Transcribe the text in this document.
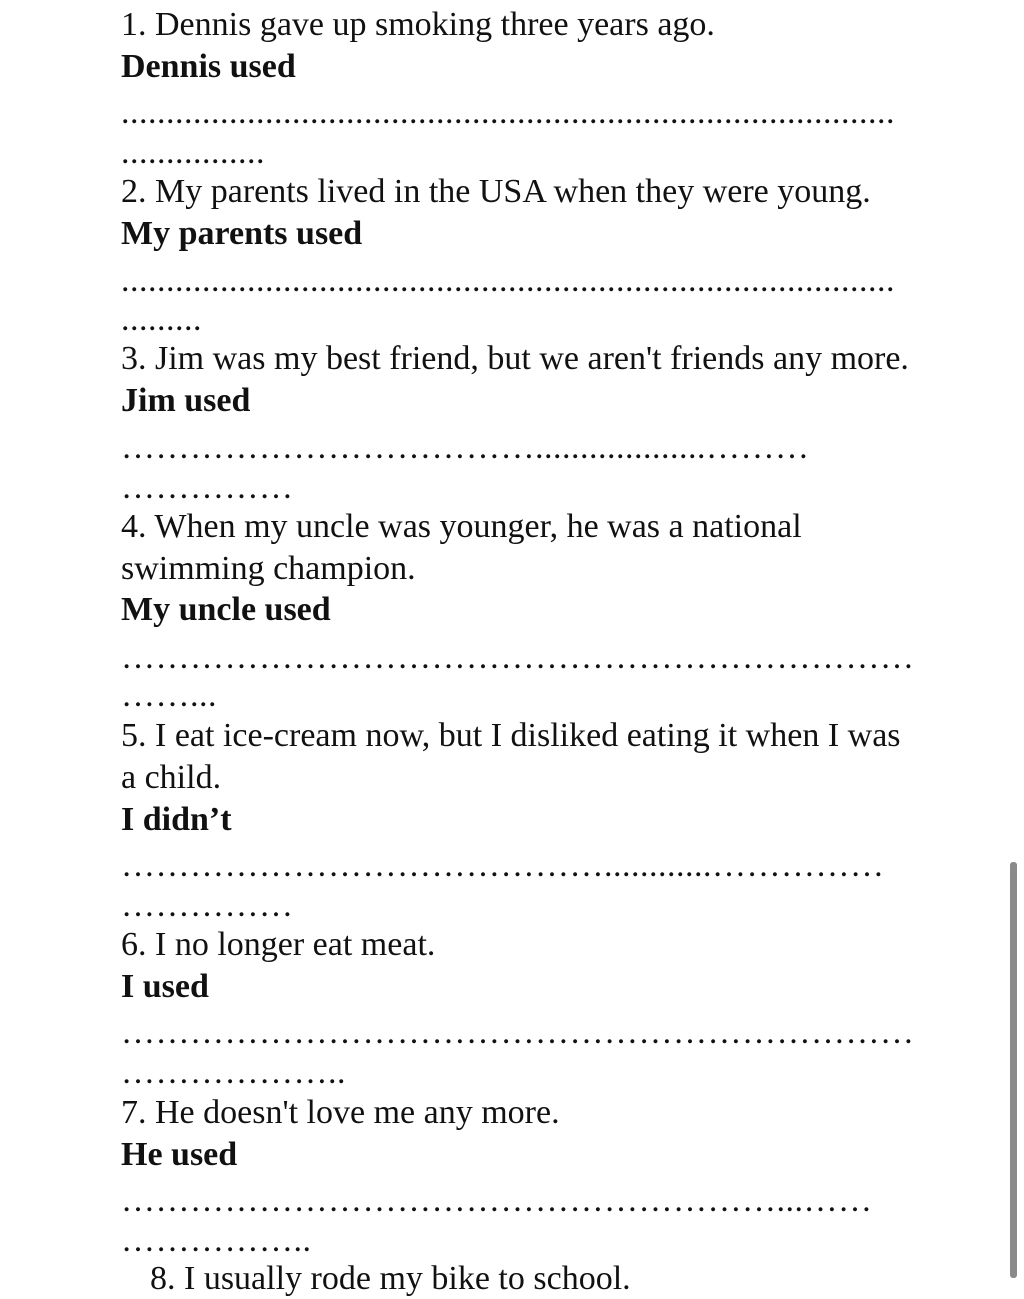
1. Dennis gave up smoking three years ago.
Dennis used
......................................................................................
................
2. My parents lived in the USA when they were young.
My parents used
......................................................................................
.........
3. Jim was my best friend, but we aren't friends any more.
Jim used
………………………………...................………
……………
4. When my uncle was younger, he was a national
swimming champion.
My uncle used
……………………………………………………………
……...
5. I eat ice-cream now, but I disliked eating it when I was
a child.
I didn’t
……………………………………............……………
……………
6. I no longer eat meat.
I used
……………………………………………………………
………………..
7. He doesn't love me any more.
He used
…………………………………………………...……
……………..
8. I usually rode my bike to school.
